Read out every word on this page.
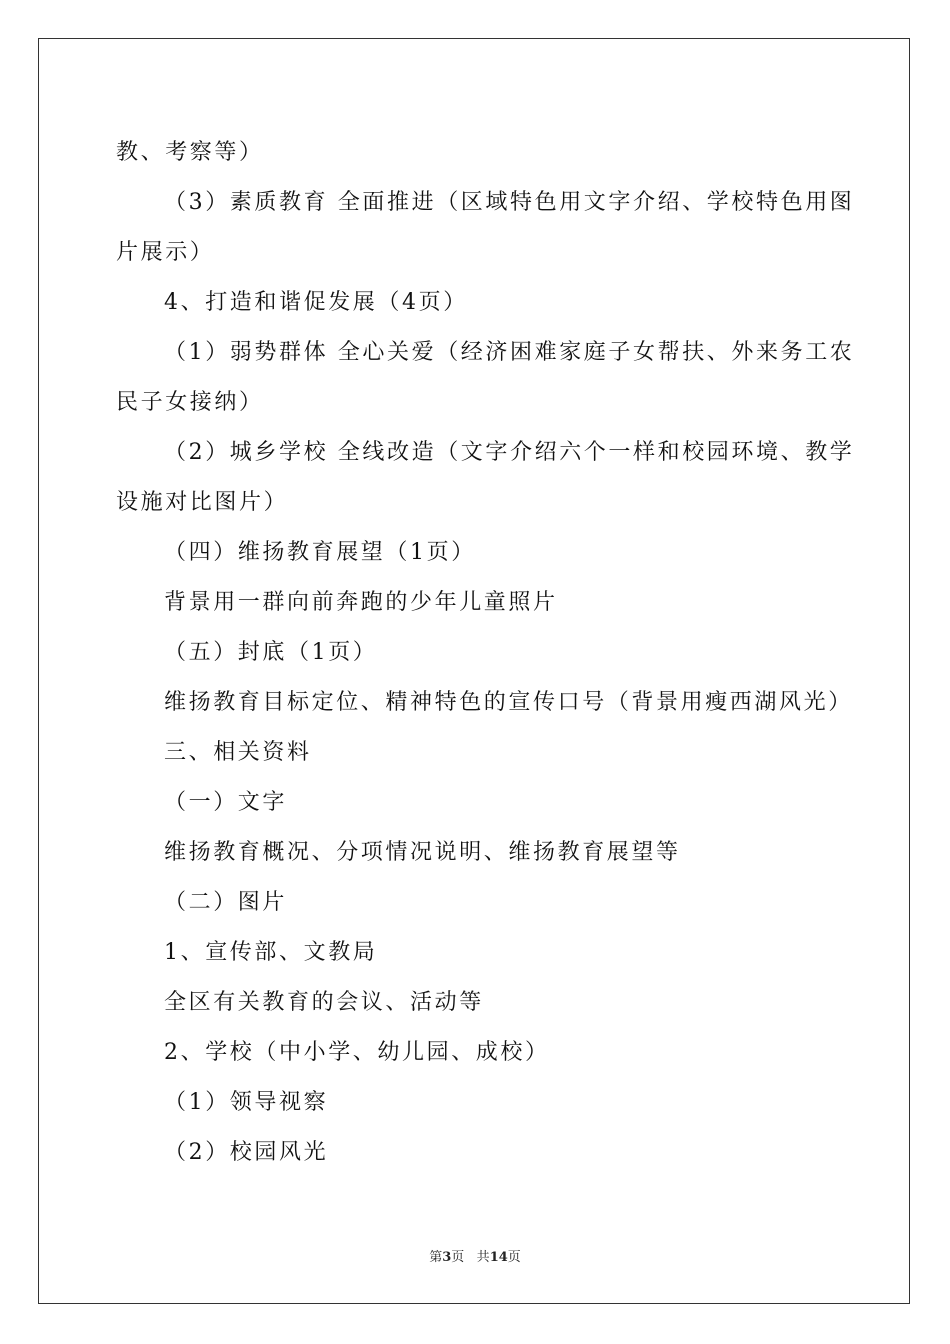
教、考察等）
（3）素质教育 全面推进（区域特色用文字介绍、学校特色用图
片展示）
4、打造和谐促发展（4页）
（1）弱势群体 全心关爱（经济困难家庭子女帮扶、外来务工农
民子女接纳）
（2）城乡学校 全线改造（文字介绍六个一样和校园环境、教学
设施对比图片）
（四）维扬教育展望（1页）
背景用一群向前奔跑的少年儿童照片
（五）封底（1页）
维扬教育目标定位、精神特色的宣传口号（背景用瘦西湖风光）
三、相关资料
（一）文字
维扬教育概况、分项情况说明、维扬教育展望等
（二）图片
1、宣传部、文教局
全区有关教育的会议、活动等
2、学校（中小学、幼儿园、成校）
（1）领导视察
（2）校园风光
第3页 共14页
